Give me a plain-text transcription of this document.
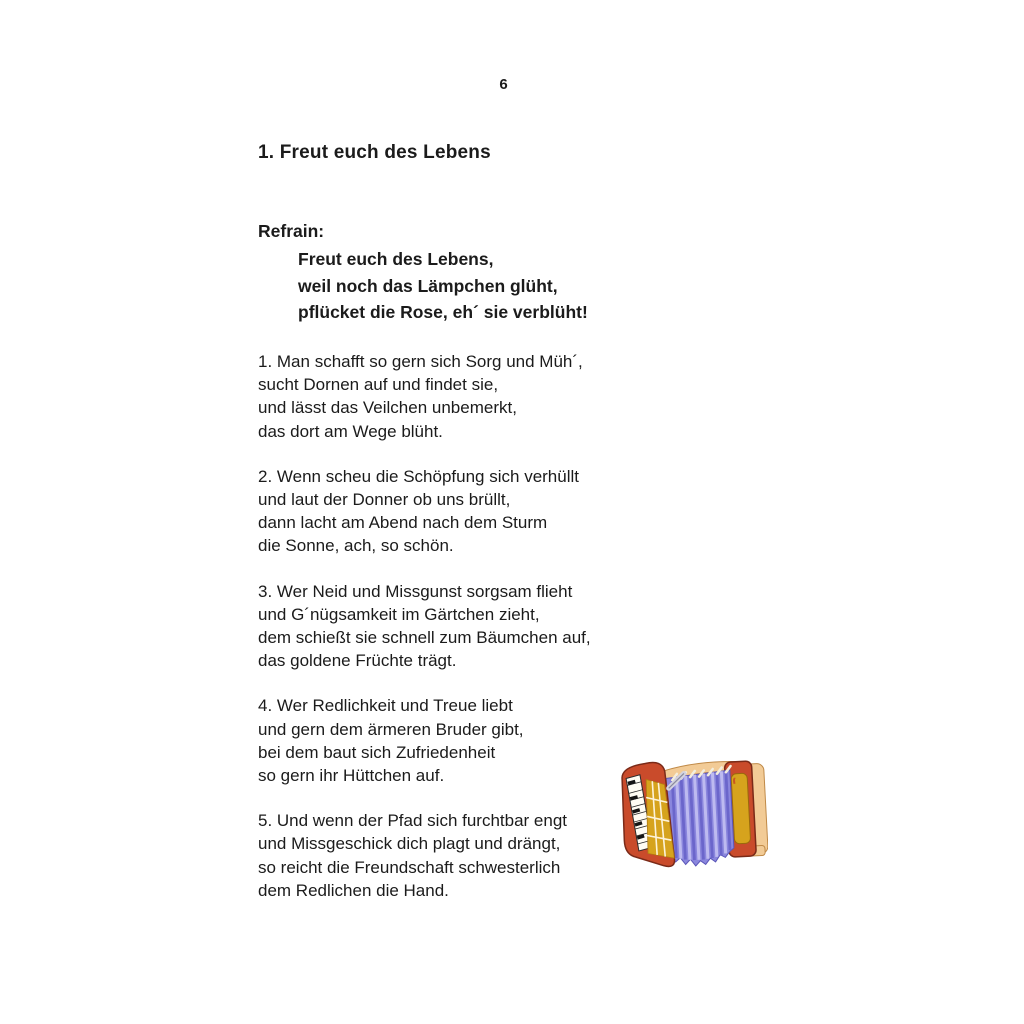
6
1. Freut euch des Lebens
Refrain:
Freut euch des Lebens,
weil noch das Lämpchen glüht,
pflücket die Rose, eh´ sie verblüht!
1. Man schafft so gern sich Sorg und Müh´,
sucht Dornen auf und findet sie,
und lässt das Veilchen unbemerkt,
das dort am Wege blüht.
2. Wenn scheu die Schöpfung sich verhüllt
und laut der Donner ob uns brüllt,
dann lacht am Abend nach dem Sturm
die Sonne, ach, so schön.
3. Wer Neid und Missgunst sorgsam flieht
und G´nügsamkeit im Gärtchen zieht,
dem schießt sie schnell zum Bäumchen auf,
das goldene Früchte trägt.
4. Wer Redlichkeit und Treue liebt
und gern dem ärmeren Bruder gibt,
bei dem baut sich Zufriedenheit
so gern ihr Hüttchen auf.
5. Und wenn der Pfad sich furchtbar engt
und Missgeschick dich plagt und drängt,
so reicht die Freundschaft schwesterlich
dem Redlichen die Hand.
